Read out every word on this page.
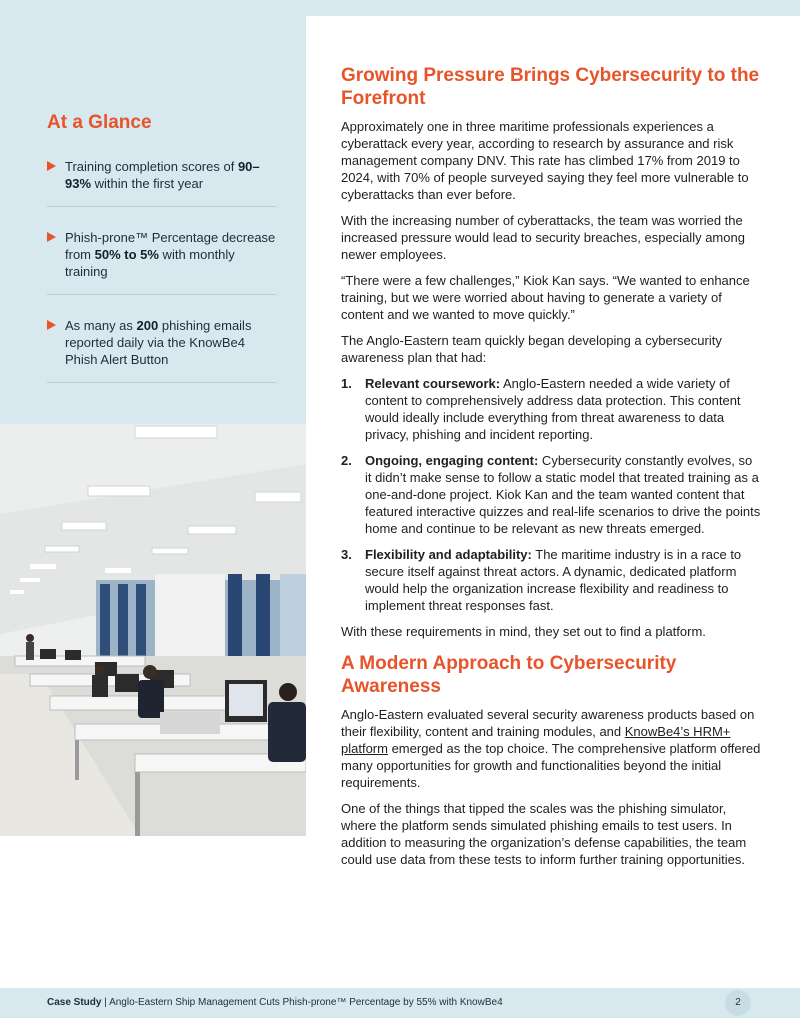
At a Glance
Training completion scores of 90–93% within the first year
Phish-prone™ Percentage decrease from 50% to 5% with monthly training
As many as 200 phishing emails reported daily via the KnowBe4 Phish Alert Button
Growing Pressure Brings Cybersecurity to the Forefront

Approximately one in three maritime professionals experiences a cyberattack every year, according to research by assurance and risk management company DNV. This rate has climbed 17% from 2019 to 2024, with 70% of people surveyed saying they feel more vulnerable to cyberattacks than ever before.

With the increasing number of cyberattacks, the team was worried the increased pressure would lead to security breaches, especially among newer employees.

“There were a few challenges,” Kiok Kan says. “We wanted to enhance training, but we were worried about having to generate a variety of content and we wanted to move quickly.”

The Anglo-Eastern team quickly began developing a cybersecurity awareness plan that had:

1. Relevant coursework: Anglo-Eastern needed a wide variety of content to comprehensively address data protection. This content would ideally include everything from threat awareness to data privacy, phishing and incident reporting.
2. Ongoing, engaging content: Cybersecurity constantly evolves, so it didn’t make sense to follow a static model that treated training as a one-and-done project. Kiok Kan and the team wanted content that featured interactive quizzes and real-life scenarios to drive the points home and continue to be relevant as new threats emerged.
3. Flexibility and adaptability: The maritime industry is in a race to secure itself against threat actors. A dynamic, dedicated platform would help the organization increase flexibility and readiness to implement threat responses fast.

With these requirements in mind, they set out to find a platform.

A Modern Approach to Cybersecurity Awareness

Anglo-Eastern evaluated several security awareness products based on their flexibility, content and training modules, and KnowBe4’s HRM+ platform emerged as the top choice. The comprehensive platform offered many opportunities for growth and functionalities beyond the initial requirements.

One of the things that tipped the scales was the phishing simulator, where the platform sends simulated phishing emails to test users. In addition to measuring the organization’s defense capabilities, the team could use data from these tests to inform further training opportunities.

Case Study | Anglo-Eastern Ship Management Cuts Phish-prone™ Percentage by 55% with KnowBe4	2
